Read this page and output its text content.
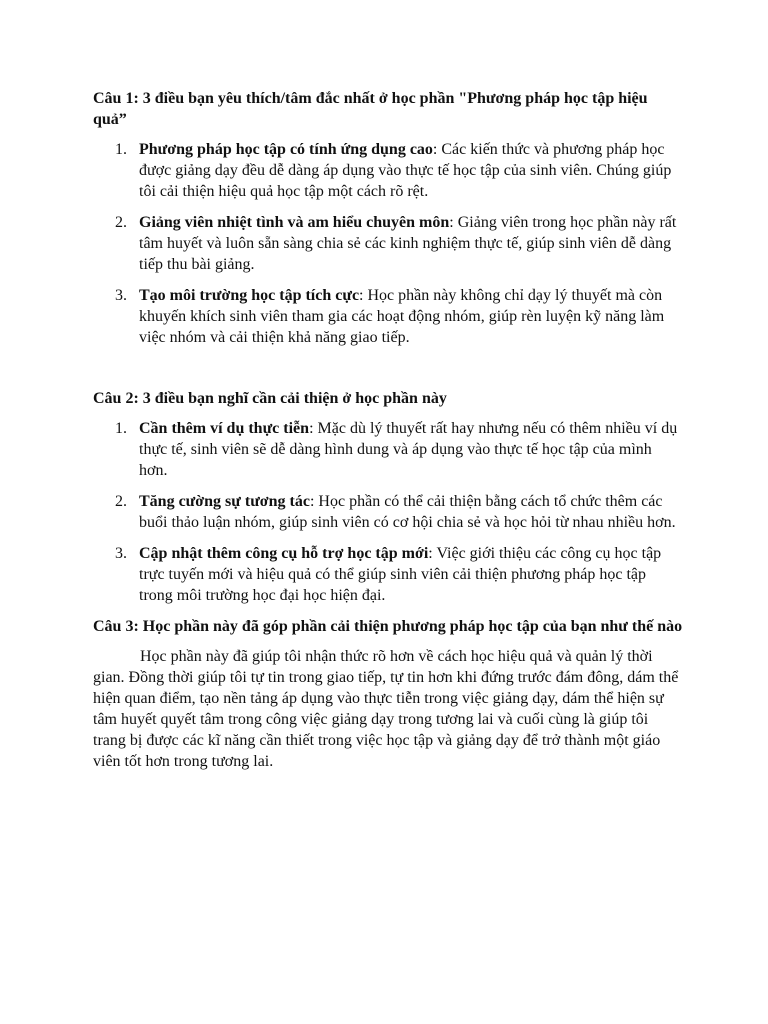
Câu 1: 3 điều bạn yêu thích/tâm đắc nhất ở học phần "Phương pháp học tập hiệu quả”

1. Phương pháp học tập có tính ứng dụng cao: Các kiến thức và phương pháp học được giảng dạy đều dễ dàng áp dụng vào thực tế học tập của sinh viên. Chúng giúp tôi cải thiện hiệu quả học tập một cách rõ rệt.
2. Giảng viên nhiệt tình và am hiểu chuyên môn: Giảng viên trong học phần này rất tâm huyết và luôn sẵn sàng chia sẻ các kinh nghiệm thực tế, giúp sinh viên dễ dàng tiếp thu bài giảng.
3. Tạo môi trường học tập tích cực: Học phần này không chỉ dạy lý thuyết mà còn khuyến khích sinh viên tham gia các hoạt động nhóm, giúp rèn luyện kỹ năng làm việc nhóm và cải thiện khả năng giao tiếp.

Câu 2: 3 điều bạn nghĩ cần cải thiện ở học phần này

1. Cần thêm ví dụ thực tiễn: Mặc dù lý thuyết rất hay nhưng nếu có thêm nhiều ví dụ thực tế, sinh viên sẽ dễ dàng hình dung và áp dụng vào thực tế học tập của mình hơn.
2. Tăng cường sự tương tác: Học phần có thể cải thiện bằng cách tổ chức thêm các buổi thảo luận nhóm, giúp sinh viên có cơ hội chia sẻ và học hỏi từ nhau nhiều hơn.
3. Cập nhật thêm công cụ hỗ trợ học tập mới: Việc giới thiệu các công cụ học tập trực tuyến mới và hiệu quả có thể giúp sinh viên cải thiện phương pháp học tập trong môi trường học đại học hiện đại.

Câu 3: Học phần này đã góp phần cải thiện phương pháp học tập của bạn như thế nào

Học phần này đã giúp tôi nhận thức rõ hơn về cách học hiệu quả và quản lý thời gian. Đồng thời giúp tôi tự tin trong giao tiếp, tự tin hơn khi đứng trước đám đông, dám thể hiện quan điểm, tạo nền tảng áp dụng vào thực tiễn trong việc giảng dạy, dám thể hiện sự tâm huyết quyết tâm trong công việc giảng dạy trong tương lai và cuối cùng là giúp tôi trang bị được các kĩ năng cần thiết trong việc học tập và giảng dạy để trở thành một giáo viên tốt hơn trong tương lai.
